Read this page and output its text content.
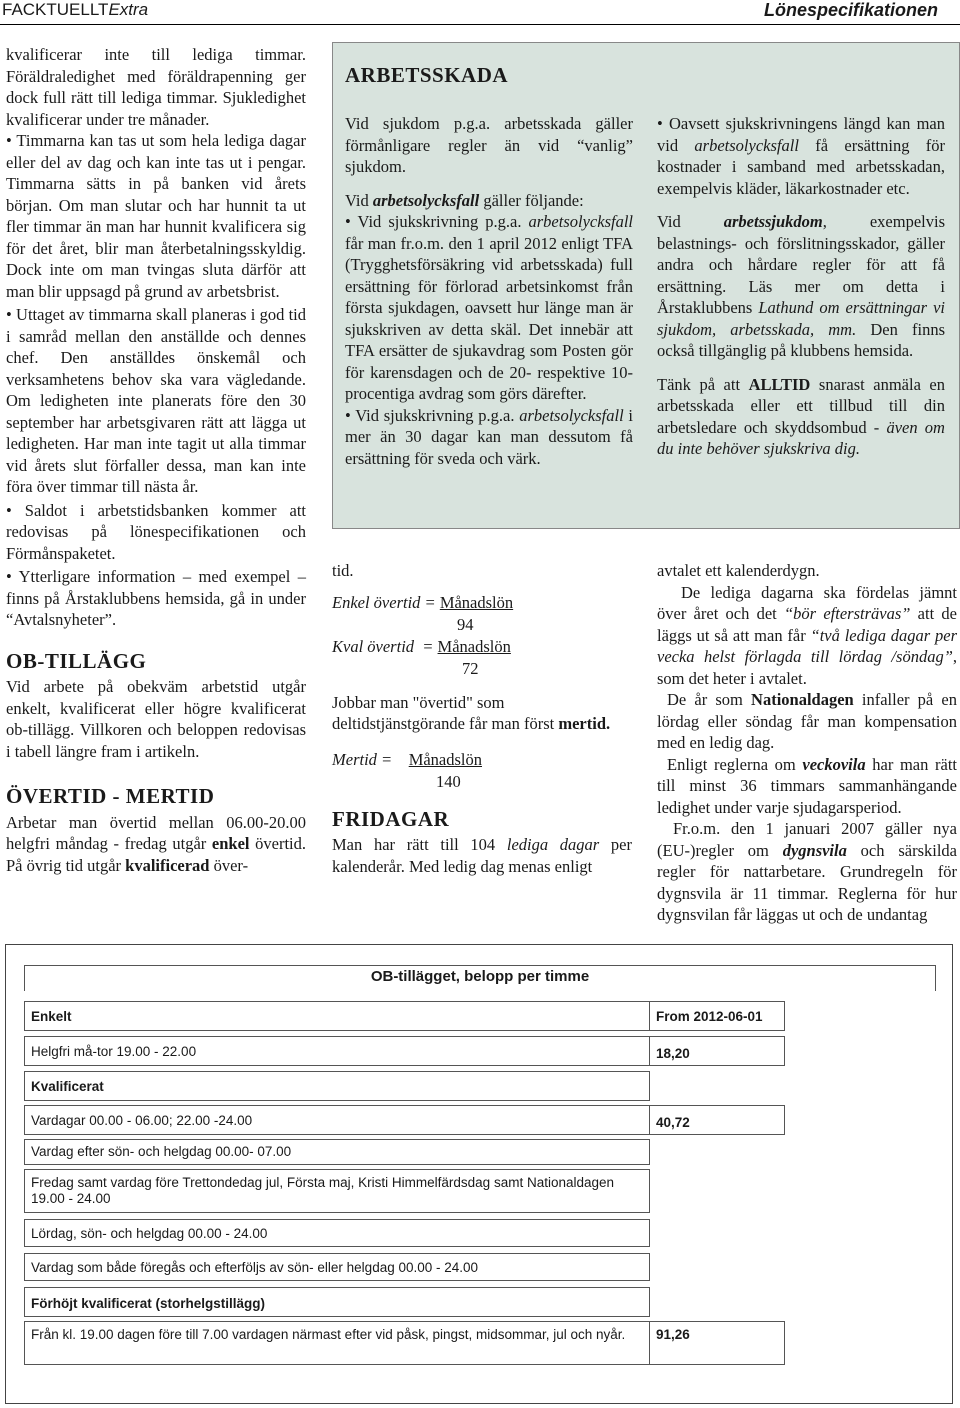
FACKTUELLTExtra	Lönespecifikationen

kvalificerar inte till lediga timmar. Föräldraledighet med föräldrapenning ger dock full rätt till lediga timmar. Sjukledighet kvalificerar under tre månader.

• Timmarna kan tas ut som hela lediga dagar eller del av dag och kan inte tas ut i pengar. Timmarna sätts in på banken vid årets början. Om man slutar och har hunnit ta ut fler timmar än man har hunnit kvalificera sig för det året, blir man återbetalningsskyldig. Dock inte om man tvingas sluta därför att man blir uppsagd på grund av arbetsbrist.

• Uttaget av timmarna skall planeras i god tid i samråd mellan den anställde och dennes chef. Den anställdes önskemål och verksamhetens behov ska vara vägledande. Om ledigheten inte planerats före den 30 september har arbetsgivaren rätt att lägga ut ledigheten. Har man inte tagit ut alla timmar vid årets slut förfaller dessa, man kan inte föra över timmar till nästa år.

• Saldot i arbetstidsbanken kommer att redovisas på lönespecifikationen och Förmånspaketet.

• Ytterligare information – med exempel – finns på Årstaklubbens hemsida, gå in under “Avtalsnyheter”.

OB-TILLÄGG

Vid arbete på obekväm arbetstid utgår enkelt, kvalificerat eller högre kvalificerat ob-tillägg. Villkoren och beloppen redovisas i tabell längre fram i artikeln.

ÖVERTID - MERTID

Arbetar man övertid mellan 06.00-20.00 helgfri måndag - fredag utgår enkel övertid. På övrig tid utgår kvalificerad över-

ARBETSSKADA

Vid sjukdom p.g.a. arbetsskada gäller förmånligare regler än vid “vanlig” sjukdom.

Vid arbetsolycksfall gäller följande:

• Vid sjukskrivning p.g.a. arbetsolycksfall får man fr.o.m. den 1 april 2012 enligt TFA (Trygghetsförsäkring vid arbetsskada) full ersättning för förlorad arbetsinkomst från första sjukdagen, oavsett hur länge man är sjukskriven av detta skäl. Det innebär att TFA ersätter de sjukavdrag som Posten gör för karensdagen och de 20- respektive 10-procentiga avdrag som görs därefter.

• Vid sjukskrivning p.g.a. arbetsolycksfall i mer än 30 dagar kan man dessutom få ersättning för sveda och värk.

• Oavsett sjukskrivningens längd kan man vid arbetsolycksfall få ersättning för kostnader i samband med arbetsskadan, exempelvis kläder, läkarkostnader etc.

Vid arbetssjukdom, exempelvis belastnings- och förslitningsskador, gäller andra och hårdare regler för att få ersättning. Läs mer om detta i Årstaklubbens Lathund om ersättningar vi sjukdom, arbetsskada, mm. Den finns också tillgänglig på klubbens hemsida.

Tänk på att ALLTID snarast anmäla en arbetsskada eller ett tillbud till din arbetsledare och skyddsombud - även om du inte behöver sjukskriva dig.

tid.

Enkel övertid = Månadslön
94
Kval övertid  = Månadslön
72

Jobbar man "övertid" som deltidstjänstgörande får man först mertid.

Mertid =    Månadslön
140
FRIDAGAR

Man har rätt till 104 lediga dagar per kalenderår. Med ledig dag menas enligt

avtalet ett kalenderdygn.

De lediga dagarna ska fördelas jämnt över året och det “bör eftersträvas” att de läggs ut så att man får “två lediga dagar per vecka helst förlagda till lördag /söndag”, som det heter i avtalet.

De år som Nationaldagen infaller på en lördag eller söndag får man kompensation med en ledig dag.

Enligt reglerna om veckovila har man rätt till minst 36 timmars sammanhängande ledighet under varje sjudagarsperiod.

Fr.o.m. den 1 januari 2007 gäller nya (EU-)regler om dygnsvila och särskilda regler för nattarbetare. Grundregeln för dygnsvila är 11 timmar. Reglerna för hur dygnsvilan får läggas ut och de undantag

OB-tillägget, belopp per timme
Enkelt	From 2012-06-01
Helgfri må-tor 19.00 - 22.00	18,20
Kvalificerat
Vardagar 00.00 - 06.00; 22.00 -24.00	40,72
Vardag efter sön- och helgdag 00.00- 07.00
Fredag samt vardag före Trettondedag jul, Första maj, Kristi Himmelfärdsdag samt Nationaldagen 19.00 - 24.00
Lördag, sön- och helgdag 00.00 - 24.00
Vardag som både föregås och efterföljs av sön- eller helgdag 00.00 - 24.00
Förhöjt kvalificerat (storhelgstillägg)
Från kl. 19.00 dagen före till 7.00 vardagen närmast efter vid påsk, pingst, midsommar, jul och nyår.	91,26
